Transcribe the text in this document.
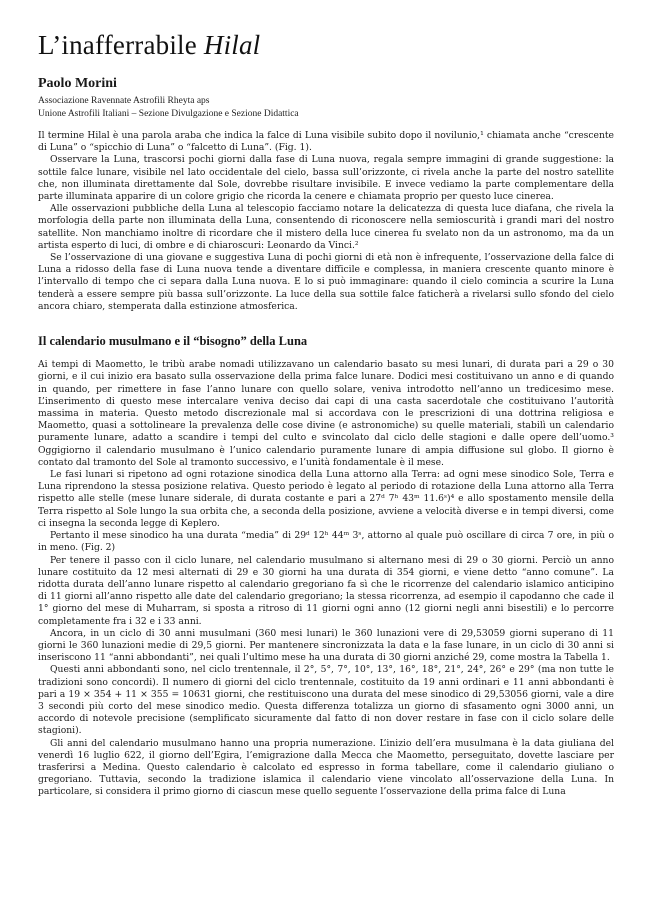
L’inafferrabile Hilal
Paolo Morini
Associazione Ravennate Astrofili Rheyta aps
Unione Astrofili Italiani – Sezione Divulgazione e Sezione Didattica

Il termine Hilal è una parola araba che indica la falce di Luna visibile subito dopo il novilunio,¹ chiamata anche “crescente di Luna” o “spicchio di Luna” o “falcetto di Luna”. (Fig. 1).

Osservare la Luna, trascorsi pochi giorni dalla fase di Luna nuova, regala sempre immagini di grande suggestione: la sottile falce lunare, visibile nel lato occidentale del cielo, bassa sull’orizzonte, ci rivela anche la parte del nostro satellite che, non illuminata direttamente dal Sole, dovrebbe risultare invisibile. E invece vediamo la parte complementare della parte illuminata apparire di un colore grigio che ricorda la cenere e chiamata proprio per questo luce cinerea.

Alle osservazioni pubbliche della Luna al telescopio facciamo notare la delicatezza di questa luce diafana, che rivela la morfologia della parte non illuminata della Luna, consentendo di riconoscere nella semioscurità i grandi mari del nostro satellite. Non manchiamo inoltre di ricordare che il mistero della luce cinerea fu svelato non da un astronomo, ma da un artista esperto di luci, di ombre e di chiaroscuri: Leonardo da Vinci.²

Se l’osservazione di una giovane e suggestiva Luna di pochi giorni di età non è infrequente, l’osservazione della falce di Luna a ridosso della fase di Luna nuova tende a diventare difficile e complessa, in maniera crescente quanto minore è l’intervallo di tempo che ci separa dalla Luna nuova. E lo si può immaginare: quando il cielo comincia a scurire la Luna tenderà a essere sempre più bassa sull’orizzonte. La luce della sua sottile falce faticherà a rivelarsi sullo sfondo del cielo ancora chiaro, stemperata dalla estinzione atmosferica.

Il calendario musulmano e il “bisogno” della Luna

Ai tempi di Maometto, le tribù arabe nomadi utilizzavano un calendario basato su mesi lunari, di durata pari a 29 o 30 giorni, e il cui inizio era basato sulla osservazione della prima falce lunare. Dodici mesi costituivano un anno e di quando in quando, per rimettere in fase l’anno lunare con quello solare, veniva introdotto nell’anno un tredicesimo mese. L’inserimento di questo mese intercalare veniva deciso dai capi di una casta sacerdotale che costituivano l’autorità massima in materia. Questo metodo discrezionale mal si accordava con le prescrizioni di una dottrina religiosa e Maometto, quasi a sottolineare la prevalenza delle cose divine (e astronomiche) su quelle materiali, stabilì un calendario puramente lunare, adatto a scandire i tempi del culto e svincolato dal ciclo delle stagioni e dalle opere dell’uomo.³ Oggigiorno il calendario musulmano è l’unico calendario puramente lunare di ampia diffusione sul globo. Il giorno è contato dal tramonto del Sole al tramonto successivo, e l’unità fondamentale è il mese.

Le fasi lunari si ripetono ad ogni rotazione sinodica della Luna attorno alla Terra: ad ogni mese sinodico Sole, Terra e Luna riprendono la stessa posizione relativa. Questo periodo è legato al periodo di rotazione della Luna attorno alla Terra rispetto alle stelle (mese lunare siderale, di durata costante e pari a 27ᵈ 7ʰ 43ᵐ 11.6ˢ)⁴ e allo spostamento mensile della Terra rispetto al Sole lungo la sua orbita che, a seconda della posizione, avviene a velocità diverse e in tempi diversi, come ci insegna la seconda legge di Keplero.

Pertanto il mese sinodico ha una durata “media” di 29ᵈ 12ʰ 44ᵐ 3ˢ, attorno al quale può oscillare di circa 7 ore, in più o in meno. (Fig. 2)

Per tenere il passo con il ciclo lunare, nel calendario musulmano si alternano mesi di 29 o 30 giorni. Perciò un anno lunare costituito da 12 mesi alternati di 29 e 30 giorni ha una durata di 354 giorni, e viene detto “anno comune”. La ridotta durata dell’anno lunare rispetto al calendario gregoriano fa sì che le ricorrenze del calendario islamico anticipino di 11 giorni all’anno rispetto alle date del calendario gregoriano; la stessa ricorrenza, ad esempio il capodanno che cade il 1° giorno del mese di Muharram, si sposta a ritroso di 11 giorni ogni anno (12 giorni negli anni bisestili) e lo percorre completamente fra i 32 e i 33 anni.

Ancora, in un ciclo di 30 anni musulmani (360 mesi lunari) le 360 lunazioni vere di 29,53059 giorni superano di 11 giorni le 360 lunazioni medie di 29,5 giorni. Per mantenere sincronizzata la data e la fase lunare, in un ciclo di 30 anni si inseriscono 11 “anni abbondanti”, nei quali l’ultimo mese ha una durata di 30 giorni anziché 29, come mostra la Tabella 1.

Questi anni abbondanti sono, nel ciclo trentennale, il 2°, 5°, 7°, 10°, 13°, 16°, 18°, 21°, 24°, 26° e 29° (ma non tutte le tradizioni sono concordi). Il numero di giorni del ciclo trentennale, costituito da 19 anni ordinari e 11 anni abbondanti è pari a 19 × 354 + 11 × 355 = 10631 giorni, che restituiscono una durata del mese sinodico di 29,53056 giorni, vale a dire 3 secondi più corto del mese sinodico medio. Questa differenza totalizza un giorno di sfasamento ogni 3000 anni, un accordo di notevole precisione (semplificato sicuramente dal fatto di non dover restare in fase con il ciclo solare delle stagioni).

Gli anni del calendario musulmano hanno una propria numerazione. L’inizio dell’era musulmana è la data giuliana del venerdì 16 luglio 622, il giorno dell’Egira, l’emigrazione dalla Mecca che Maometto, perseguitato, dovette lasciare per trasferirsi a Medina. Questo calendario è calcolato ed espresso in forma tabellare, come il calendario giuliano o gregoriano. Tuttavia, secondo la tradizione islamica il calendario viene vincolato all’osservazione della Luna. In particolare, si considera il primo giorno di ciascun mese quello seguente l’osservazione della prima falce di Luna
